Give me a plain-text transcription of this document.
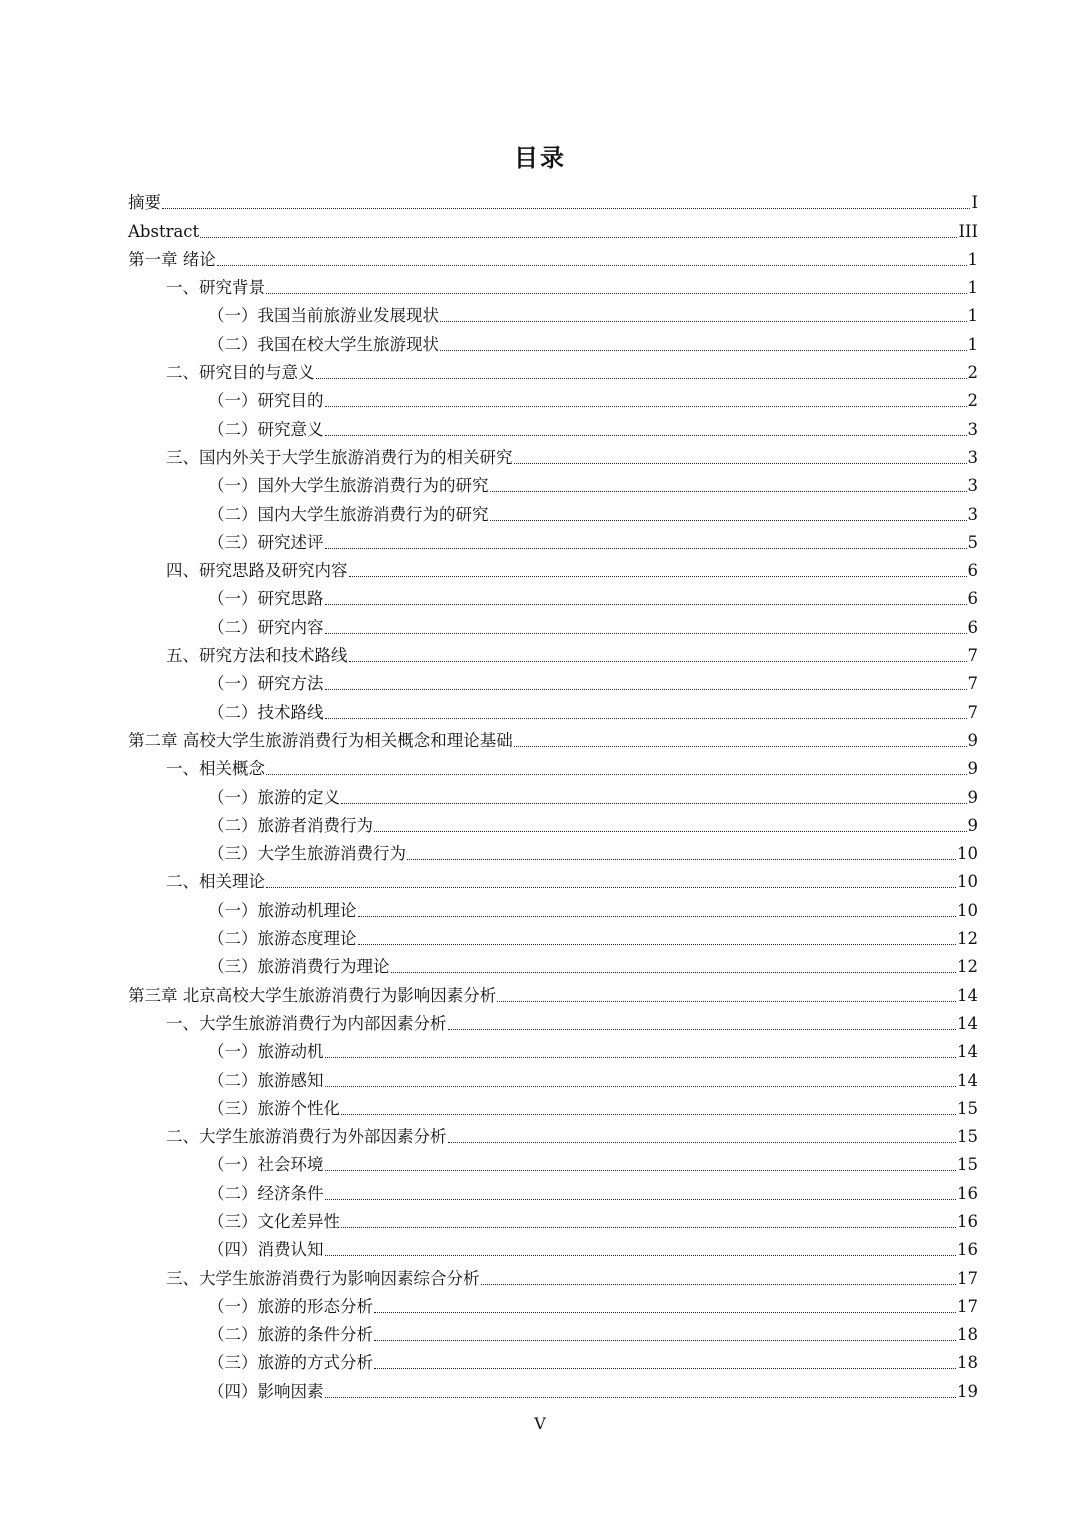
目录
摘要	I
Abstract	III
第一章 绪论	1
一、研究背景	1
（一）我国当前旅游业发展现状	1
（二）我国在校大学生旅游现状	1
二、研究目的与意义	2
（一）研究目的	2
（二）研究意义	3
三、国内外关于大学生旅游消费行为的相关研究	3
（一）国外大学生旅游消费行为的研究	3
（二）国内大学生旅游消费行为的研究	3
（三）研究述评	5
四、研究思路及研究内容	6
（一）研究思路	6
（二）研究内容	6
五、研究方法和技术路线	7
（一）研究方法	7
（二）技术路线	7
第二章 高校大学生旅游消费行为相关概念和理论基础	9
一、相关概念	9
（一）旅游的定义	9
（二）旅游者消费行为	9
（三）大学生旅游消费行为	10
二、相关理论	10
（一）旅游动机理论	10
（二）旅游态度理论	12
（三）旅游消费行为理论	12
第三章 北京高校大学生旅游消费行为影响因素分析	14
一、大学生旅游消费行为内部因素分析	14
（一）旅游动机	14
（二）旅游感知	14
（三）旅游个性化	15
二、大学生旅游消费行为外部因素分析	15
（一）社会环境	15
（二）经济条件	16
（三）文化差异性	16
（四）消费认知	16
三、大学生旅游消费行为影响因素综合分析	17
（一）旅游的形态分析	17
（二）旅游的条件分析	18
（三）旅游的方式分析	18
（四）影响因素	19
V
